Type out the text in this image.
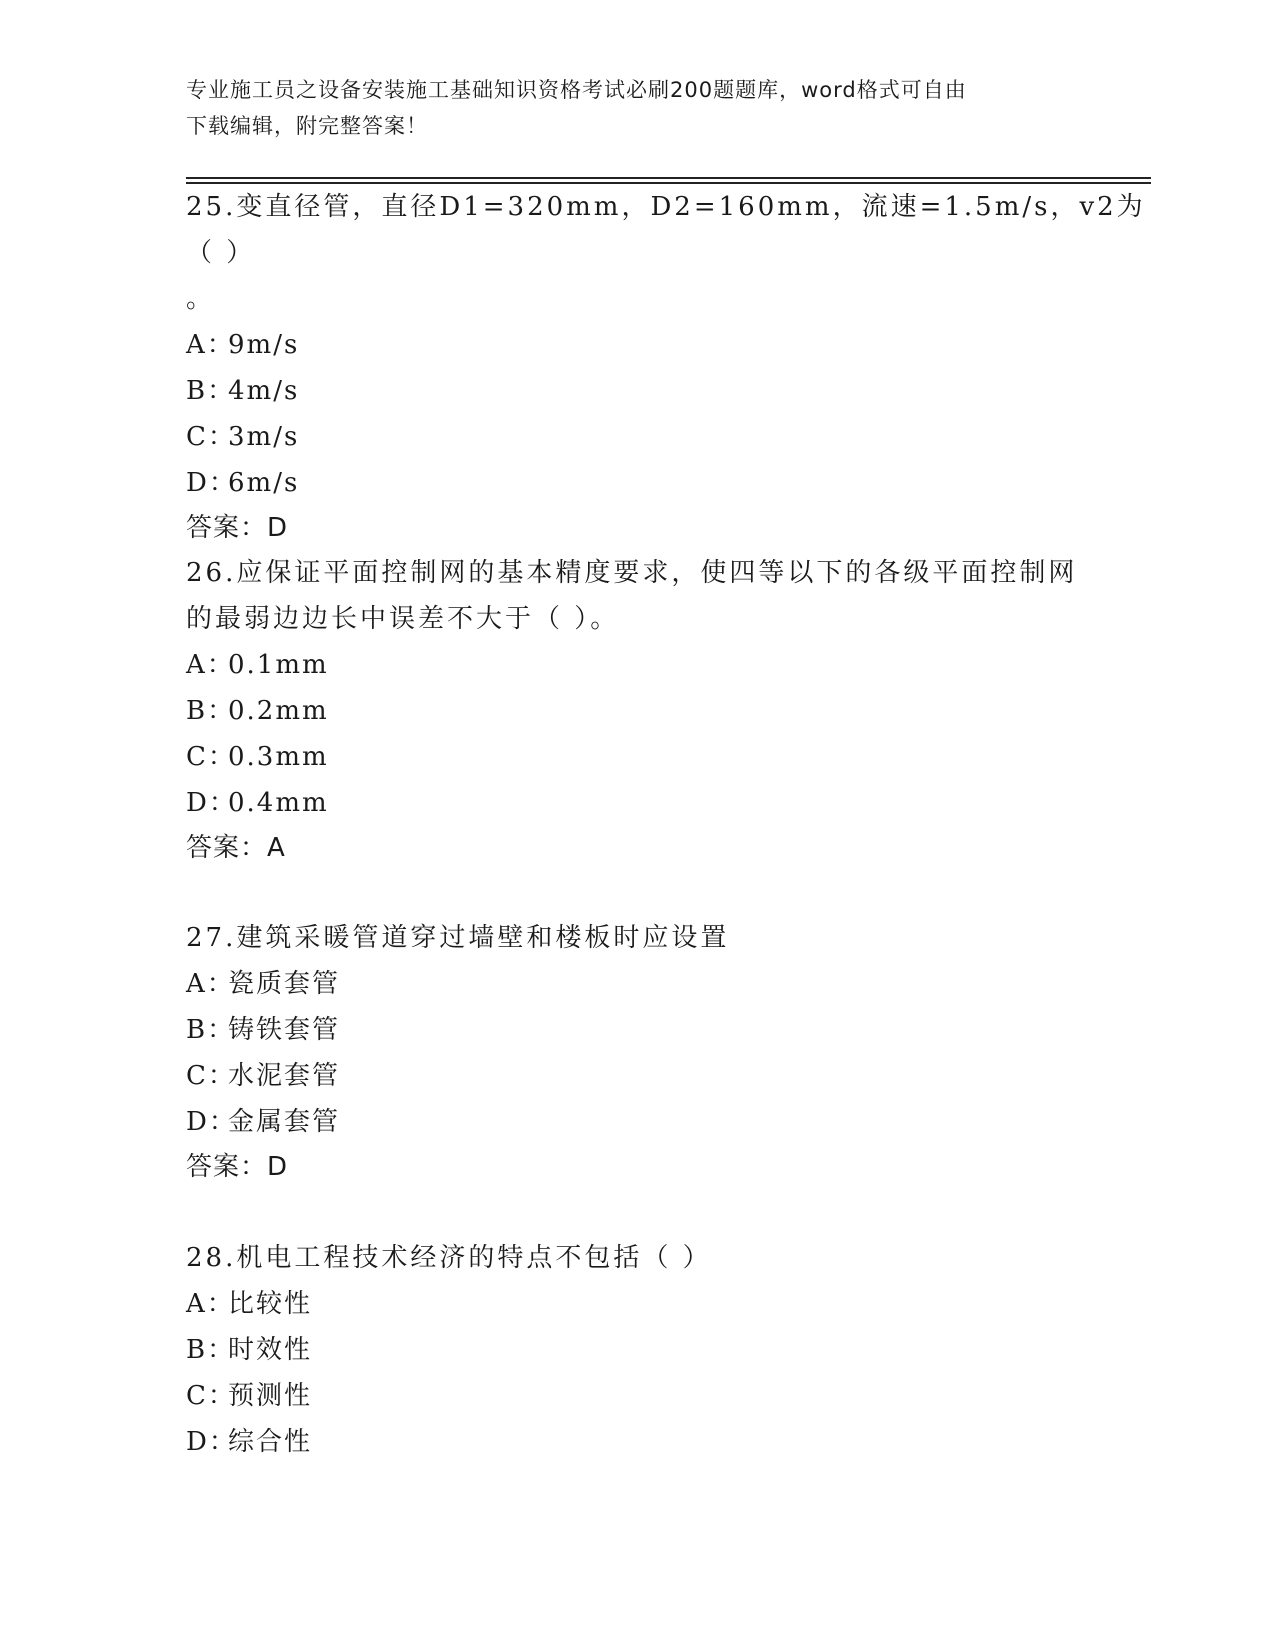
专业施工员之设备安装施工基础知识资格考试必刷200题题库，word格式可自由
下载编辑，附完整答案！
25.变直径管，直径D1=320mm，D2=160mm，流速=1.5m/s，v2为（ ）
。
A：9m/s
B：4m/s
C：3m/s
D：6m/s
答案：D
26.应保证平面控制网的基本精度要求，使四等以下的各级平面控制网
的最弱边边长中误差不大于（ ）。
A：0.1mm
B：0.2mm
C：0.3mm
D：0.4mm
答案：A
27.建筑采暖管道穿过墙壁和楼板时应设置
A：瓷质套管
B：铸铁套管
C：水泥套管
D：金属套管
答案：D
28.机电工程技术经济的特点不包括（ ）
A：比较性
B：时效性
C：预测性
D：综合性
